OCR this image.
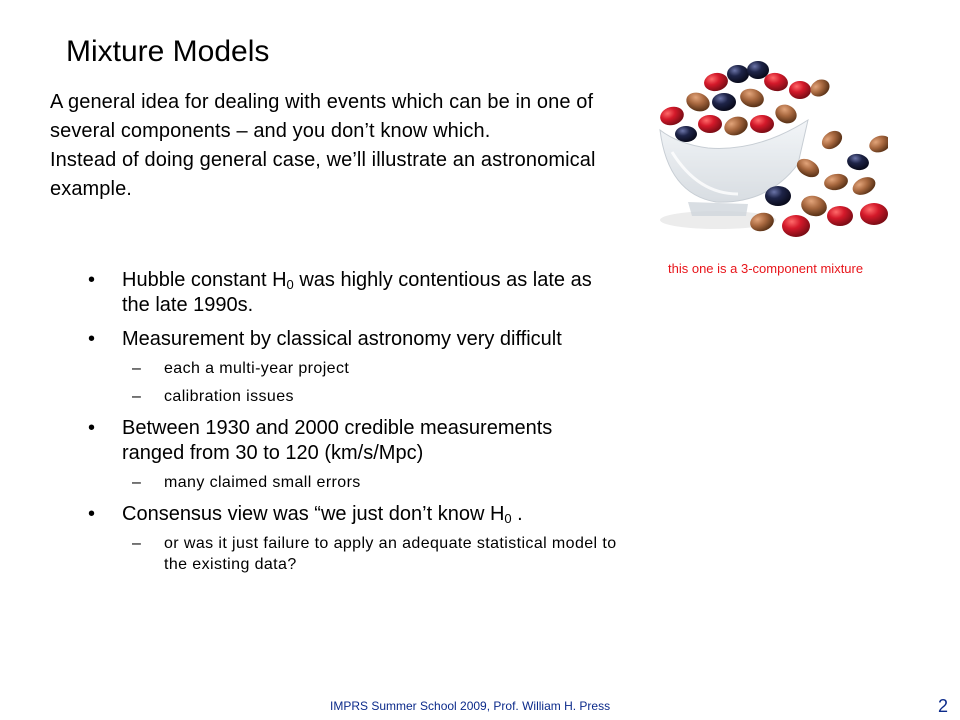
Mixture Models

A general idea for dealing with events which can be in one of several components – and you don’t know which.

Instead of doing general case, we’ll illustrate an astronomical example.

• Hubble constant $H_0$ was highly contentious as late as the late 1990s.
• Measurement by classical astronomy very difficult
– each a multi-year project
– calibration issues
• Between 1930 and 2000 credible measurements ranged from 30 to 120 (km/s/Mpc)
– many claimed small errors
• Consensus view was “we just don’t know $H_0$ .
– or was it just failure to apply an adequate statistical model to the existing data?
this one is a 3-component mixture
IMPRS Summer School 2009, Prof. William H. Press	2
